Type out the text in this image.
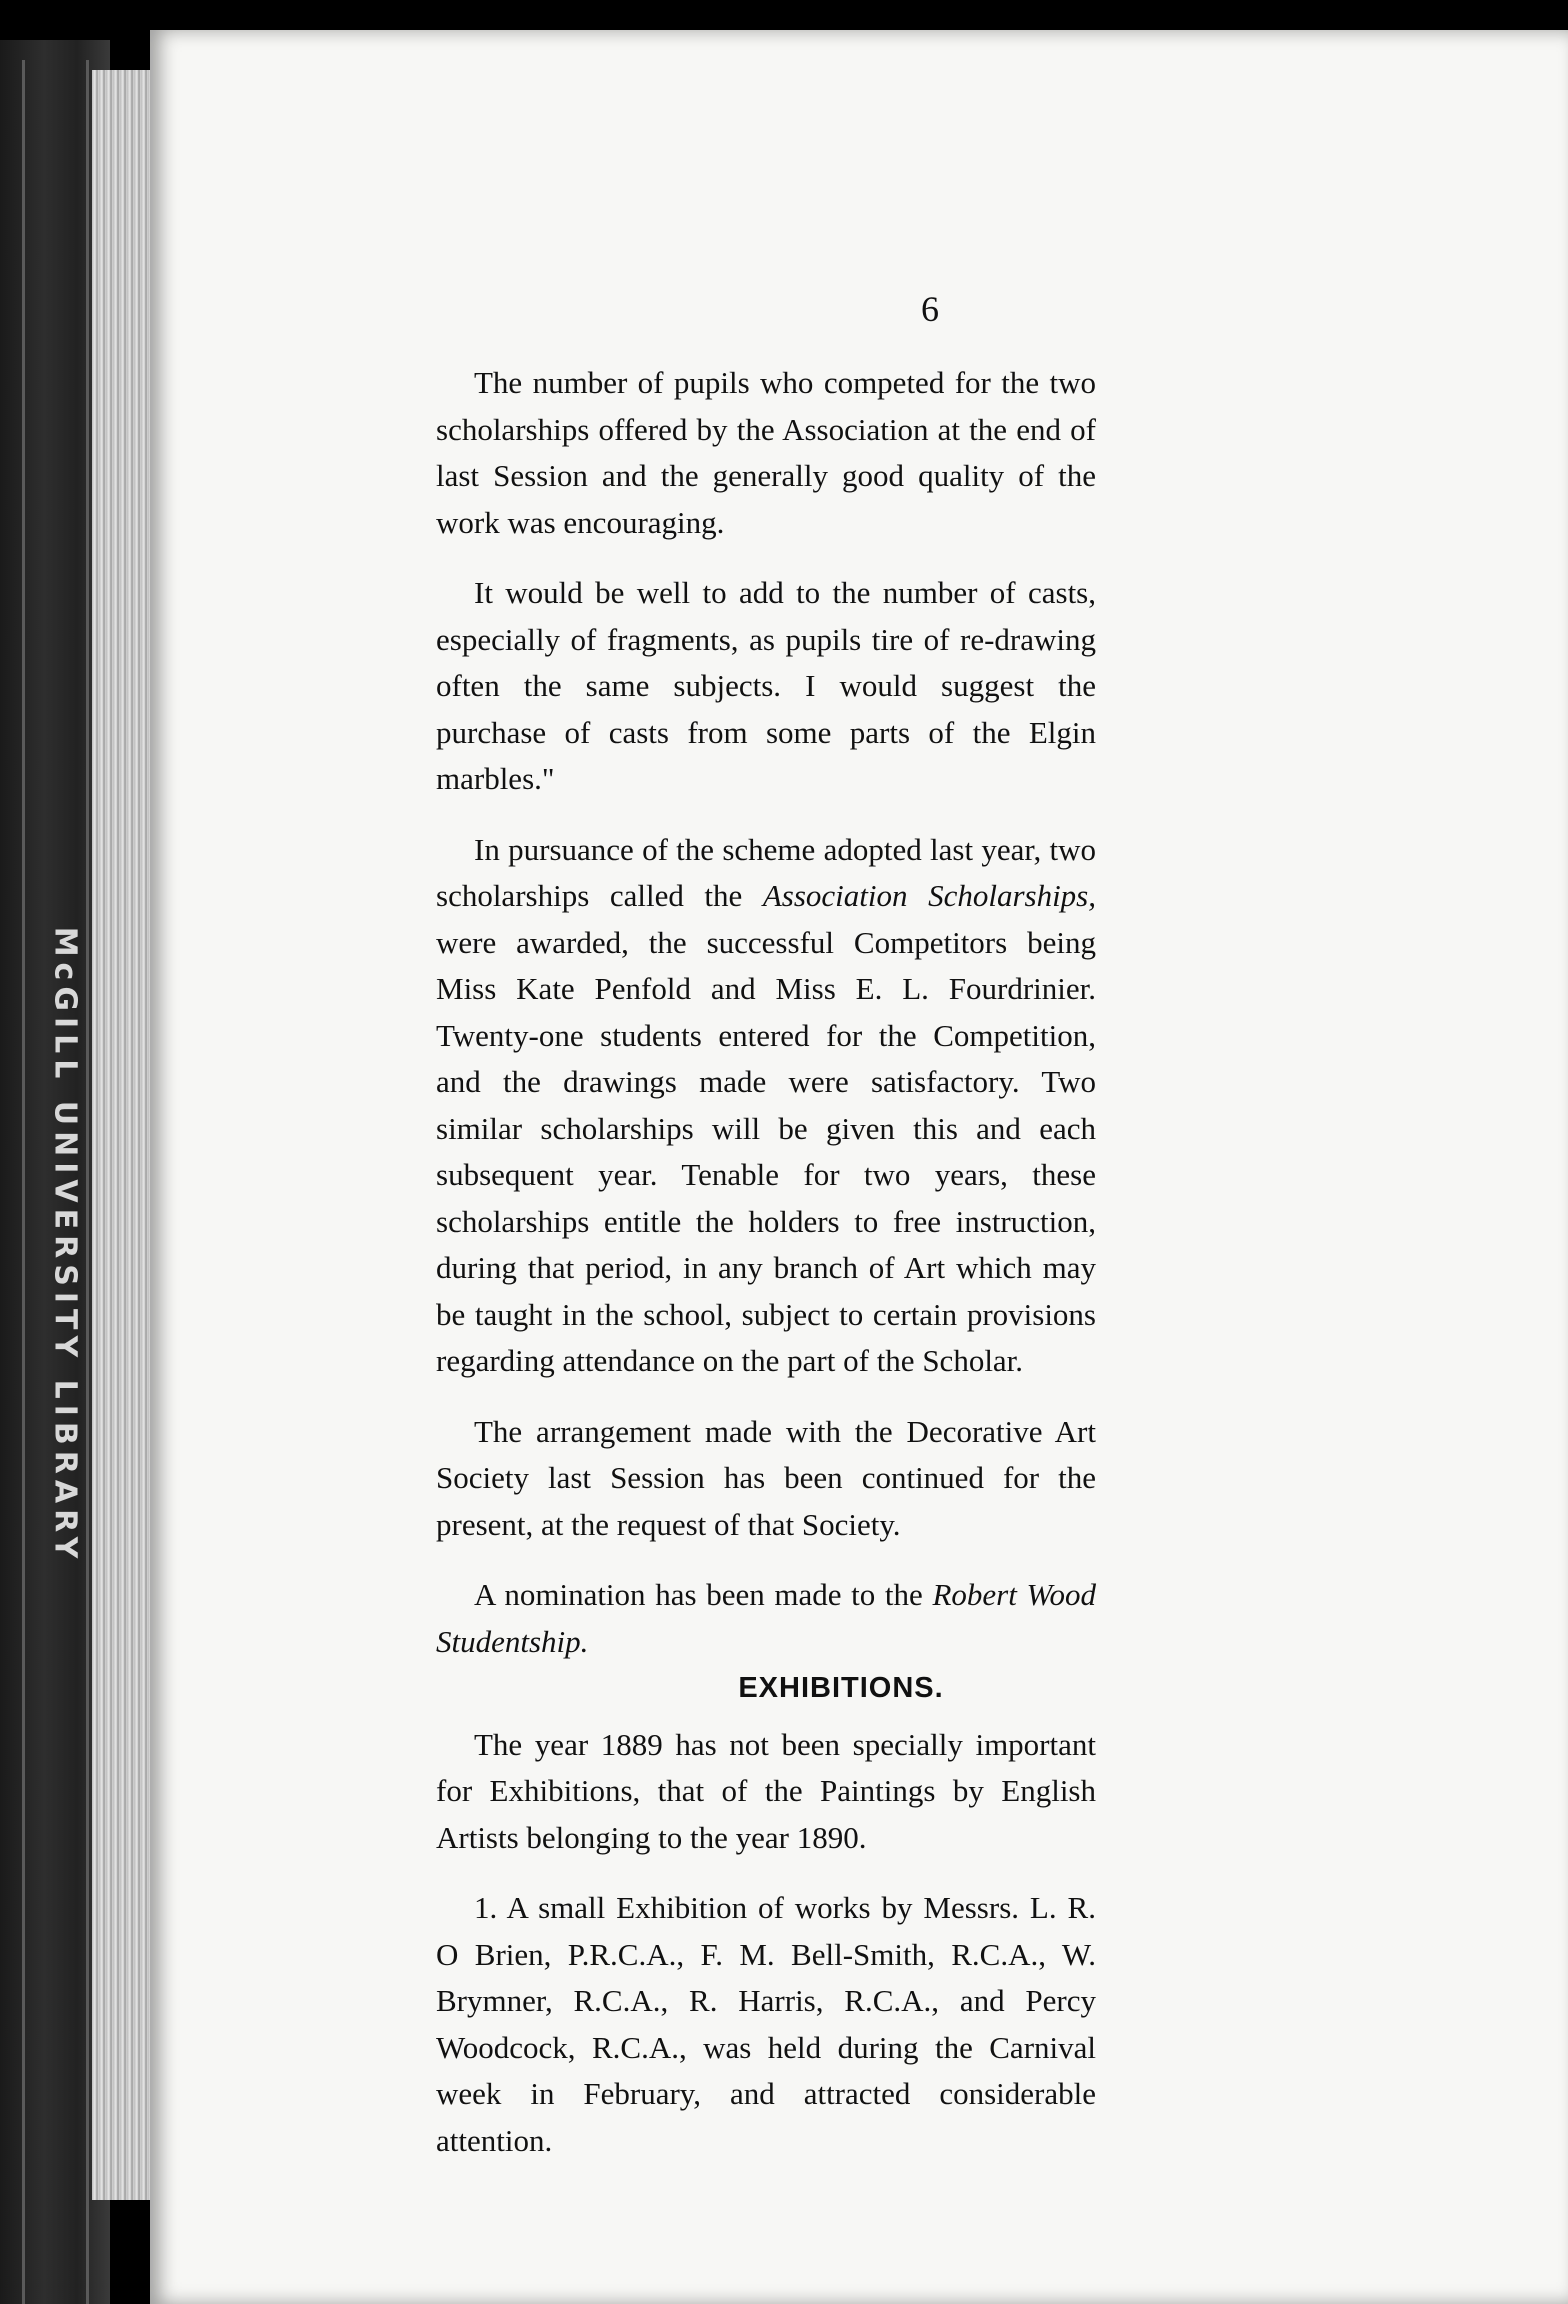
McGILL UNIVERSITY LIBRARY
6

The number of pupils who competed for the two scholarships offered by the Association at the end of last Session and the generally good quality of the work was encouraging.

It would be well to add to the number of casts, especially of fragments, as pupils tire of re-drawing often the same subjects. I would suggest the purchase of casts from some parts of the Elgin marbles."

In pursuance of the scheme adopted last year, two scholarships called the Association Scholarships, were awarded, the successful Competitors being Miss Kate Penfold and Miss E. L. Fourdrinier. Twenty-one students entered for the Competition, and the drawings made were satisfactory. Two similar scholarships will be given this and each subsequent year. Tenable for two years, these scholarships entitle the holders to free instruction, during that period, in any branch of Art which may be taught in the school, subject to certain provisions regarding attendance on the part of the Scholar.

The arrangement made with the Decorative Art Society last Session has been continued for the present, at the request of that Society.

A nomination has been made to the Robert Wood Studentship.

EXHIBITIONS.

The year 1889 has not been specially important for Exhibitions, that of the Paintings by English Artists belonging to the year 1890.

1. A small Exhibition of works by Messrs. L. R. O Brien, P.R.C.A., F. M. Bell-Smith, R.C.A., W. Brymner, R.C.A., R. Harris, R.C.A., and Percy Woodcock, R.C.A., was held during the Carnival week in February, and attracted considerable attention.
